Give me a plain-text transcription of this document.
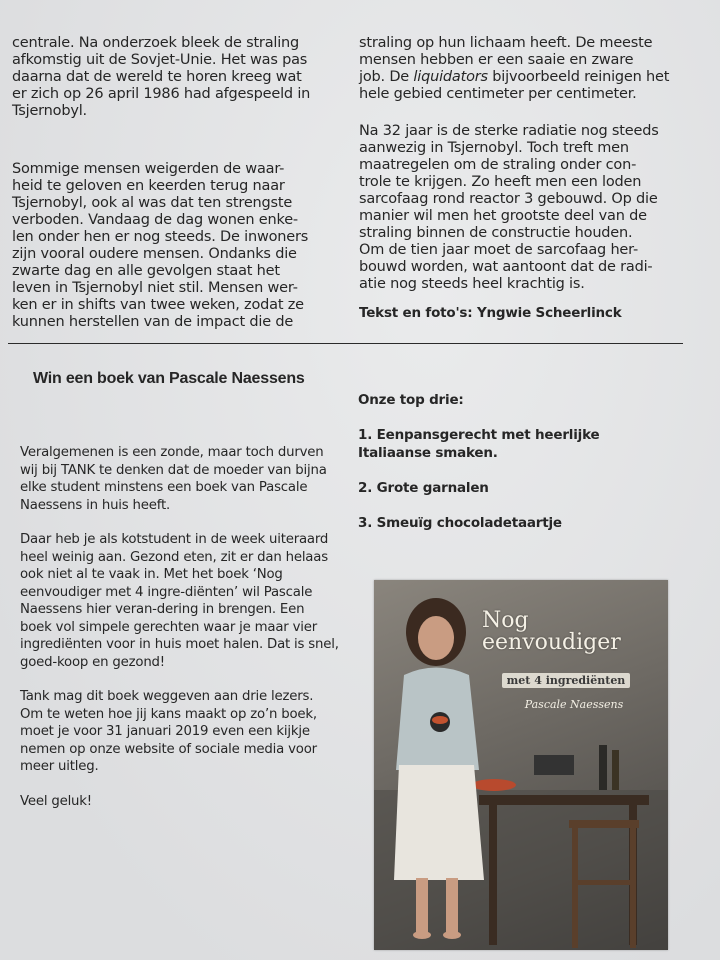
centrale. Na onderzoek bleek de straling
afkomstig uit de Sovjet-Unie. Het was pas
daarna dat de wereld te horen kreeg wat
er zich op 26 april 1986 had afgespeeld in
Tsjernobyl.

Sommige mensen weigerden de waar-
heid te geloven en keerden terug naar
Tsjernobyl, ook al was dat ten strengste
verboden. Vandaag de dag wonen enke-
len onder hen er nog steeds. De inwoners
zijn vooral oudere mensen. Ondanks die
zwarte dag en alle gevolgen staat het
leven in Tsjernobyl niet stil. Mensen wer-
ken er in shifts van twee weken, zodat ze
kunnen herstellen van de impact die de

straling op hun lichaam heeft. De meeste
mensen hebben er een saaie en zware
job. De liquidators bijvoorbeeld reinigen het
hele gebied centimeter per centimeter.

Na 32 jaar is de sterke radiatie nog steeds
aanwezig in Tsjernobyl. Toch treft men
maatregelen om de straling onder con-
trole te krijgen. Zo heeft men een loden
sarcofaag rond reactor 3 gebouwd. Op die
manier wil men het grootste deel van de
straling binnen de constructie houden.
Om de tien jaar moet de sarcofaag her-
bouwd worden, wat aantoont dat de radi-
atie nog steeds heel krachtig is.

Tekst en foto's: Yngwie Scheerlinck

Win een boek van Pascale Naessens

Veralgemenen is een zonde, maar toch durven wij bij TANK te denken dat de moeder van bijna elke student minstens een boek van Pascale Naessens in huis heeft.

Daar heb je als kotstudent in de week uiteraard heel weinig aan. Gezond eten, zit er dan helaas ook niet al te vaak in. Met het boek ‘Nog eenvoudiger met 4 ingre-diënten’ wil Pascale Naessens hier veran-dering in brengen. Een boek vol simpele gerechten waar je maar vier ingrediënten voor in huis moet halen. Dat is snel, goed-koop en gezond!

Tank mag dit boek weggeven aan drie lezers. Om te weten hoe jij kans maakt op zo’n boek, moet je voor 31 januari 2019 even een kijkje nemen op onze website of sociale media voor meer uitleg.

Veel geluk!

Onze top drie:
1. Eenpansgerecht met heerlijke
Italiaanse smaken.
2. Grote garnalen
3. Smeuïg chocoladetaartje
Nog
eenvoudiger
met 4 ingrediënten
Pascale Naessens
